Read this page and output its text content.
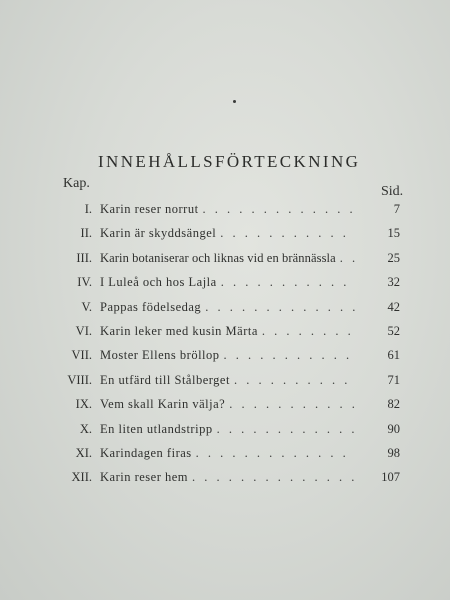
INNEHÅLLSFÖRTECKNING
Kap.
Sid.
I. Karin reser norrut . . .	7
II. Karin är skyddsängel . . .	15
III. Karin botaniserar och liknas vid en brännässla . . .	25
IV. I Luleå och hos Lajla . . .	32
V. Pappas födelsedag . . .	42
VI. Karin leker med kusin Märta . . .	52
VII. Moster Ellens bröllop . . .	61
VIII. En utfärd till Stålberget . . .	71
IX. Vem skall Karin välja? . . .	82
X. En liten utlandstripp . . .	90
XI. Karindagen firas . . .	98
XII. Karin reser hem . . .	107
